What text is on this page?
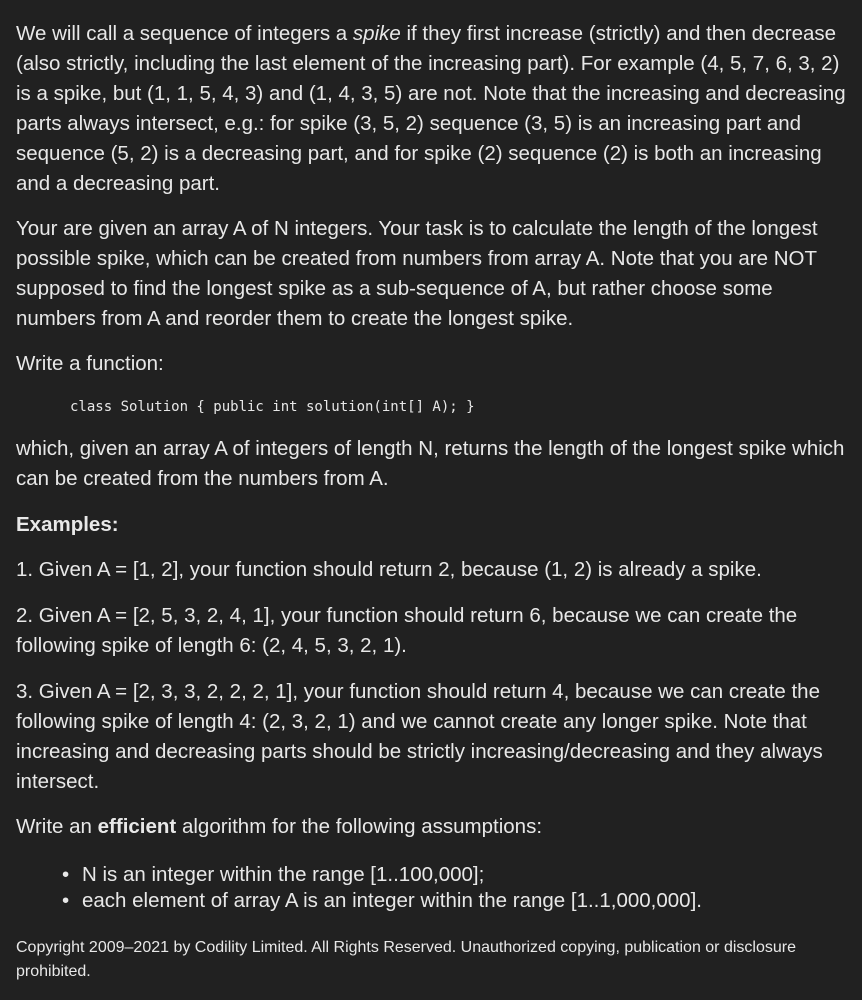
We will call a sequence of integers a spike if they first increase (strictly) and then decrease (also strictly, including the last element of the increasing part). For example (4, 5, 7, 6, 3, 2) is a spike, but (1, 1, 5, 4, 3) and (1, 4, 3, 5) are not. Note that the increasing and decreasing parts always intersect, e.g.: for spike (3, 5, 2) sequence (3, 5) is an increasing part and sequence (5, 2) is a decreasing part, and for spike (2) sequence (2) is both an increasing and a decreasing part.

Your are given an array A of N integers. Your task is to calculate the length of the longest possible spike, which can be created from numbers from array A. Note that you are NOT supposed to find the longest spike as a sub-sequence of A, but rather choose some numbers from A and reorder them to create the longest spike.

Write a function:

class Solution { public int solution(int[] A); }

which, given an array A of integers of length N, returns the length of the longest spike which can be created from the numbers from A.

Examples:

1. Given A = [1, 2], your function should return 2, because (1, 2) is already a spike.

2. Given A = [2, 5, 3, 2, 4, 1], your function should return 6, because we can create the following spike of length 6: (2, 4, 5, 3, 2, 1).

3. Given A = [2, 3, 3, 2, 2, 2, 1], your function should return 4, because we can create the following spike of length 4: (2, 3, 2, 1) and we cannot create any longer spike. Note that increasing and decreasing parts should be strictly increasing/decreasing and they always intersect.

Write an efficient algorithm for the following assumptions:

• N is an integer within the range [1..100,000];
• each element of array A is an integer within the range [1..1,000,000].

Copyright 2009–2021 by Codility Limited. All Rights Reserved. Unauthorized copying, publication or disclosure prohibited.
